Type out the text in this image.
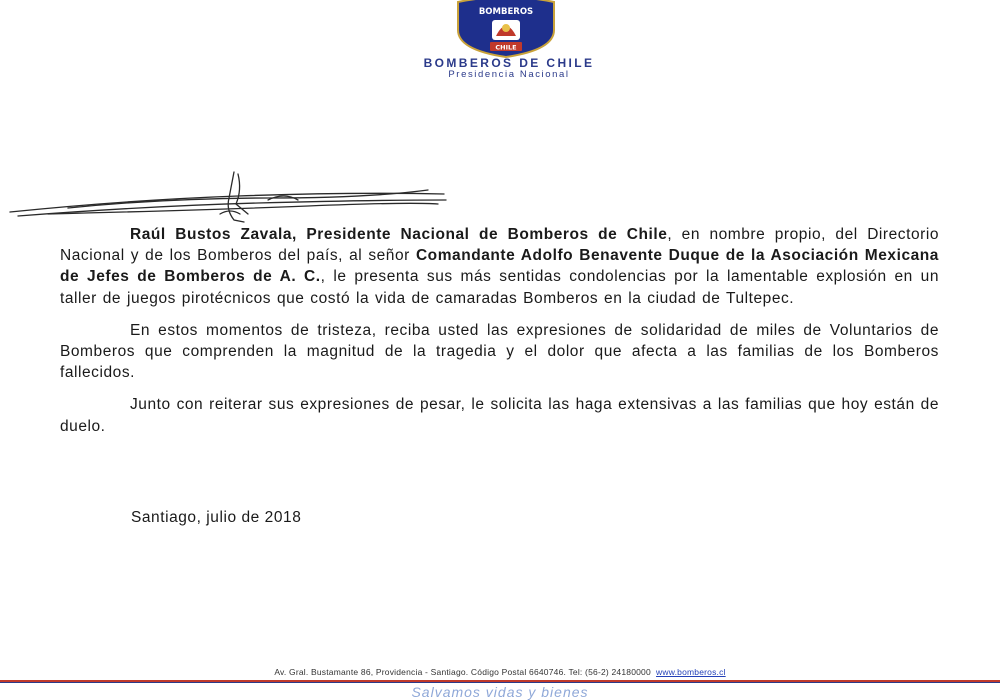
BOMBEROS
CHILE
BOMBEROS DE CHILE
Presidencia Nacional

Raúl Bustos Zavala, Presidente Nacional de Bomberos de Chile, en nombre propio, del Directorio Nacional y de los Bomberos del país, al señor Comandante Adolfo Benavente Duque de la Asociación Mexicana de Jefes de Bomberos de A. C., le presenta sus más sentidas condolencias por la lamentable explosión en un taller de juegos pirotécnicos que costó la vida de camaradas Bomberos en la ciudad de Tultepec.

En estos momentos de tristeza, reciba usted las expresiones de solidaridad de miles de Voluntarios de Bomberos que comprenden la magnitud de la tragedia y el dolor que afecta a las familias de los Bomberos fallecidos.

Junto con reiterar sus expresiones de pesar, le solicita las haga extensivas a las familias que hoy están de duelo.

Santiago, julio de 2018
Av. Gral. Bustamante 86, Providencia - Santiago. Código Postal 6640746. Tel: (56-2) 24180000 www.bomberos.cl
Salvamos vidas y bienes
